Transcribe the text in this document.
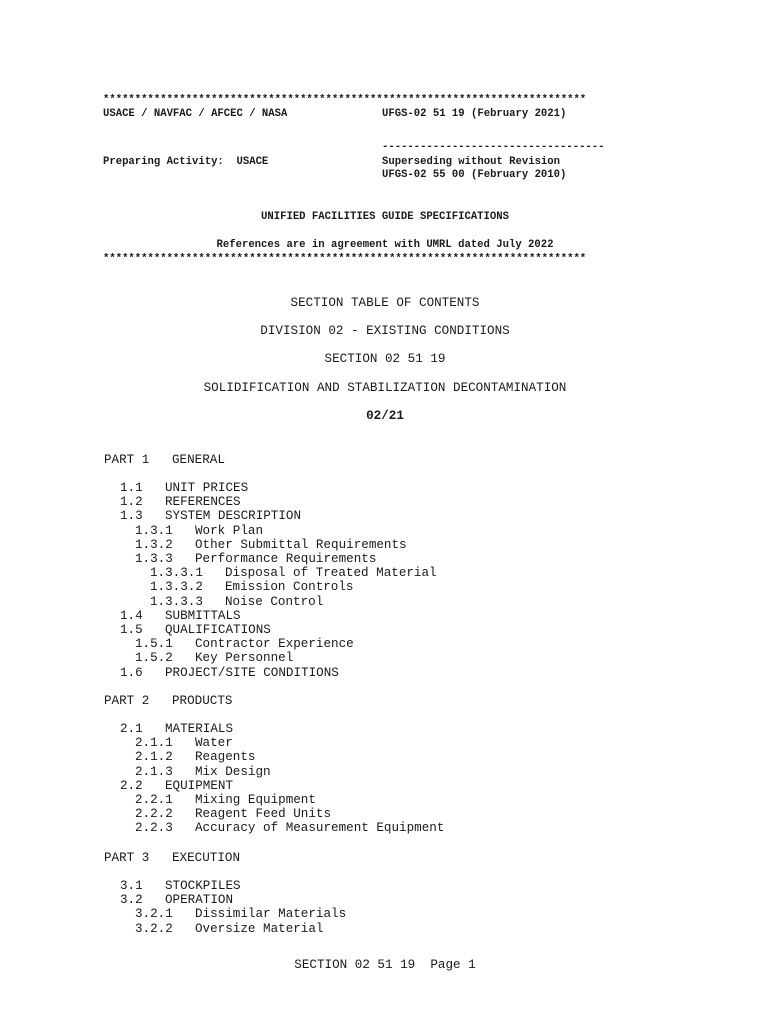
****************************************************************************
USACE / NAVFAC / AFCEC / NASA	UFGS-02 51 19 (February 2021)
-----------------------------------
Preparing Activity:  USACE	Superseding without Revision
UFGS-02 55 00 (February 2010)
UNIFIED FACILITIES GUIDE SPECIFICATIONS
References are in agreement with UMRL dated July 2022
****************************************************************************
SECTION TABLE OF CONTENTS
DIVISION 02 - EXISTING CONDITIONS
SECTION 02 51 19
SOLIDIFICATION AND STABILIZATION DECONTAMINATION
02/21
PART 1 GENERAL
1.1 UNIT PRICES
1.2 REFERENCES
1.3 SYSTEM DESCRIPTION
1.3.1 Work Plan
1.3.2 Other Submittal Requirements
1.3.3 Performance Requirements
1.3.3.1 Disposal of Treated Material
1.3.3.2 Emission Controls
1.3.3.3 Noise Control
1.4 SUBMITTALS
1.5 QUALIFICATIONS
1.5.1 Contractor Experience
1.5.2 Key Personnel
1.6 PROJECT/SITE CONDITIONS
PART 2 PRODUCTS
2.1 MATERIALS
2.1.1 Water
2.1.2 Reagents
2.1.3 Mix Design
2.2 EQUIPMENT
2.2.1 Mixing Equipment
2.2.2 Reagent Feed Units
2.2.3 Accuracy of Measurement Equipment
PART 3 EXECUTION
3.1 STOCKPILES
3.2 OPERATION
3.2.1 Dissimilar Materials
3.2.2 Oversize Material
SECTION 02 51 19  Page 1
